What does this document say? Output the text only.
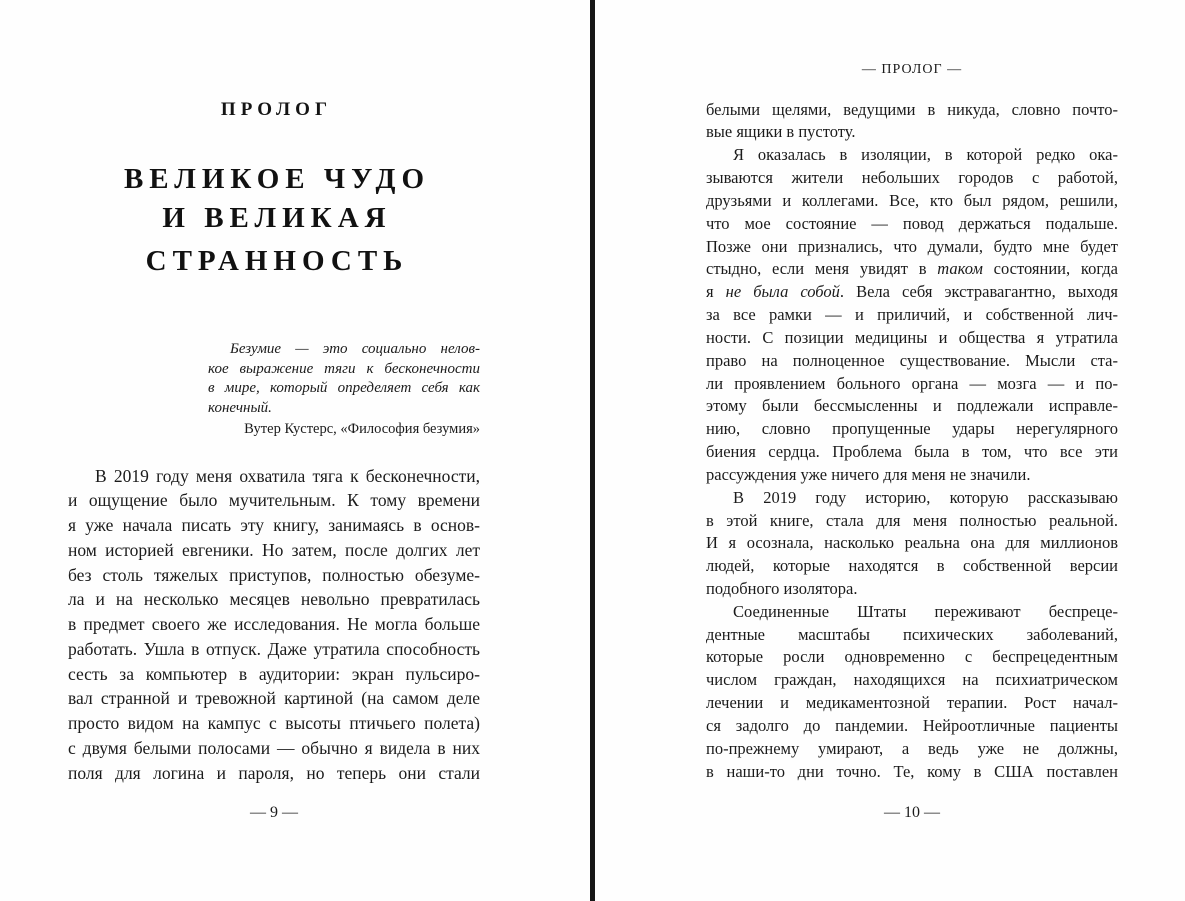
ПРОЛОГ
ВЕЛИКОЕ ЧУДО
И ВЕЛИКАЯ
СТРАННОСТЬ
Безумие — это социально нелов-
кое выражение тяги к бесконечности
в мире, который определяет себя как
конечный.
Вутер Кустерс, «Философия безумия»
В 2019 году меня охватила тяга к бесконечности,
и ощущение было мучительным. К тому времени
я уже начала писать эту книгу, занимаясь в основ-
ном историей евгеники. Но затем, после долгих лет
без столь тяжелых приступов, полностью обезуме-
ла и на несколько месяцев невольно превратилась
в предмет своего же исследования. Не могла больше
работать. Ушла в отпуск. Даже утратила способность
сесть за компьютер в аудитории: экран пульсиро-
вал странной и тревожной картиной (на самом деле
просто видом на кампус с высоты птичьего полета)
с двумя белыми полосами — обычно я видела в них
поля для логина и пароля, но теперь они стали
— 9 —
— ПРОЛОГ —
белыми щелями, ведущими в никуда, словно почто-
вые ящики в пустоту.
Я оказалась в изоляции, в которой редко ока-
зываются жители небольших городов с работой,
друзьями и коллегами. Все, кто был рядом, решили,
что мое состояние — повод держаться подальше.
Позже они признались, что думали, будто мне будет
стыдно, если меня увидят в таком состоянии, когда
я не была собой. Вела себя экстравагантно, выходя
за все рамки — и приличий, и собственной лич-
ности. С позиции медицины и общества я утратила
право на полноценное существование. Мысли ста-
ли проявлением больного органа — мозга — и по-
этому были бессмысленны и подлежали исправле-
нию, словно пропущенные удары нерегулярного
биения сердца. Проблема была в том, что все эти
рассуждения уже ничего для меня не значили.
В 2019 году историю, которую рассказываю
в этой книге, стала для меня полностью реальной.
И я осознала, насколько реальна она для миллионов
людей, которые находятся в собственной версии
подобного изолятора.
Соединенные Штаты переживают беспреце-
дентные масштабы психических заболеваний,
которые росли одновременно с беспрецедентным
числом граждан, находящихся на психиатрическом
лечении и медикаментозной терапии. Рост начал-
ся задолго до пандемии. Нейроотличные пациенты
по-прежнему умирают, а ведь уже не должны,
в наши-то дни точно. Те, кому в США поставлен
— 10 —
